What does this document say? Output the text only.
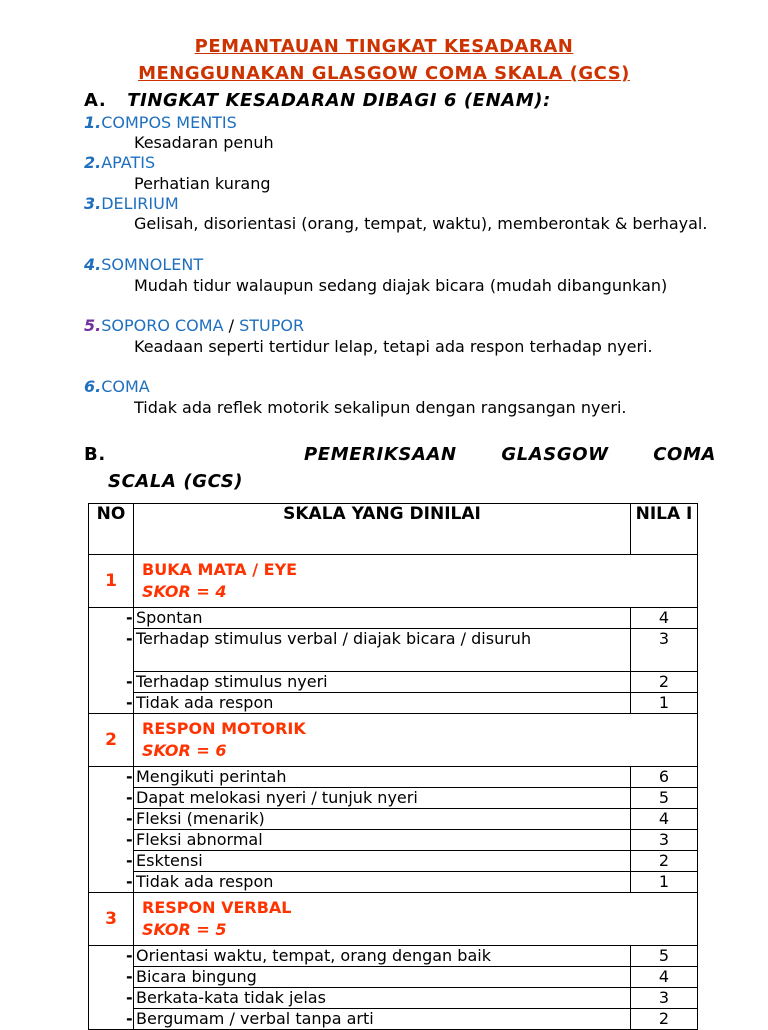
PEMANTAUAN TINGKAT KESADARAN
MENGGUNAKAN GLASGOW COMA SKALA (GCS)
A. TINGKAT KESADARAN DIBAGI 6 (ENAM):
1.COMPOS MENTIS
Kesadaran penuh
2.APATIS
Perhatian kurang
3.DELIRIUM
Gelisah, disorientasi (orang, tempat, waktu), memberontak & berhayal.
4.SOMNOLENT
Mudah tidur walaupun sedang diajak bicara (mudah dibangunkan)
5.SOPORO COMA / STUPOR
Keadaan seperti tertidur lelap, tetapi ada respon terhadap nyeri.
6.COMA
Tidak ada reflek motorik sekalipun dengan rangsangan nyeri.
B.	PEMERIKSAAN GLASGOW COMA
SCALA (GCS)
NO	SKALA YANG DINILAI	NILA I
1	BUKA MATA / EYE
SKOR = 4	
	- Spontan	4
	- Terhadap stimulus verbal / diajak bicara / disuruh	3
	- Terhadap stimulus nyeri	2
	- Tidak ada respon	1
2	RESPON MOTORIK
SKOR = 6	
	- Mengikuti perintah	6
	- Dapat melokasi nyeri / tunjuk nyeri	5
	- Fleksi (menarik)	4
	- Fleksi abnormal	3
	- Esktensi	2
	- Tidak ada respon	1
3	RESPON VERBAL
SKOR = 5	
	- Orientasi waktu, tempat, orang dengan baik	5
	- Bicara bingung	4
	- Berkata-kata tidak jelas	3
	- Bergumam / verbal tanpa arti	2
